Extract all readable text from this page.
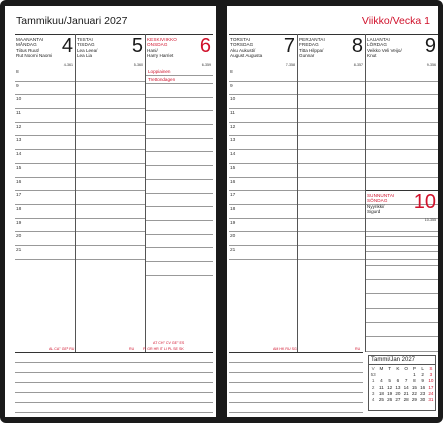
Tammikuu/Januari 2027
MAANANTAI
MÅNDAG
Tiitus Ruut/
Rut Noomi Naomi 4
4-361
8
9
10
11
12
13
14
15
16
17
18
19
20
21
TIISTAI
TISDAG
Lea Leea/
Lea Lia 5
5-360
KESKIVIIKKO
ONSDAG
Hani/
Harry Harriet 6
6-359
Loppiainen
Trettondagen
AL CA° GEº RU	RU
AT CH° CV GE° ES
FI GR HR IT LI PL SE SK
Viikko/Vecka 1
TORSTAI
TORSDAG
Aku Aukusti/
August Augusta 7
7-358
8
9
10
11
12
13
14
15
16
17
18
19
20
21
PERJANTAI
FREDAG
Titta Hilppa/
Gunnar	8
8-357
LAUANTAI
LÖRDAG
Veikko Veli Veijo/
Knut	9
9-356
SUNNUNTAI
SÖNDAG
Nyyrikki/
Sigurd 10
10-355
AM HK RU SG	RU
Tammi/Jan 2027
V	M	T	K	O	P	L	S
53					1	2	3
1	4	5	6	7	8	9	10
2	11	12	13	14	15	16	17
3	18	19	20	21	22	23	24
4	25	26	27	28	29	30	31
